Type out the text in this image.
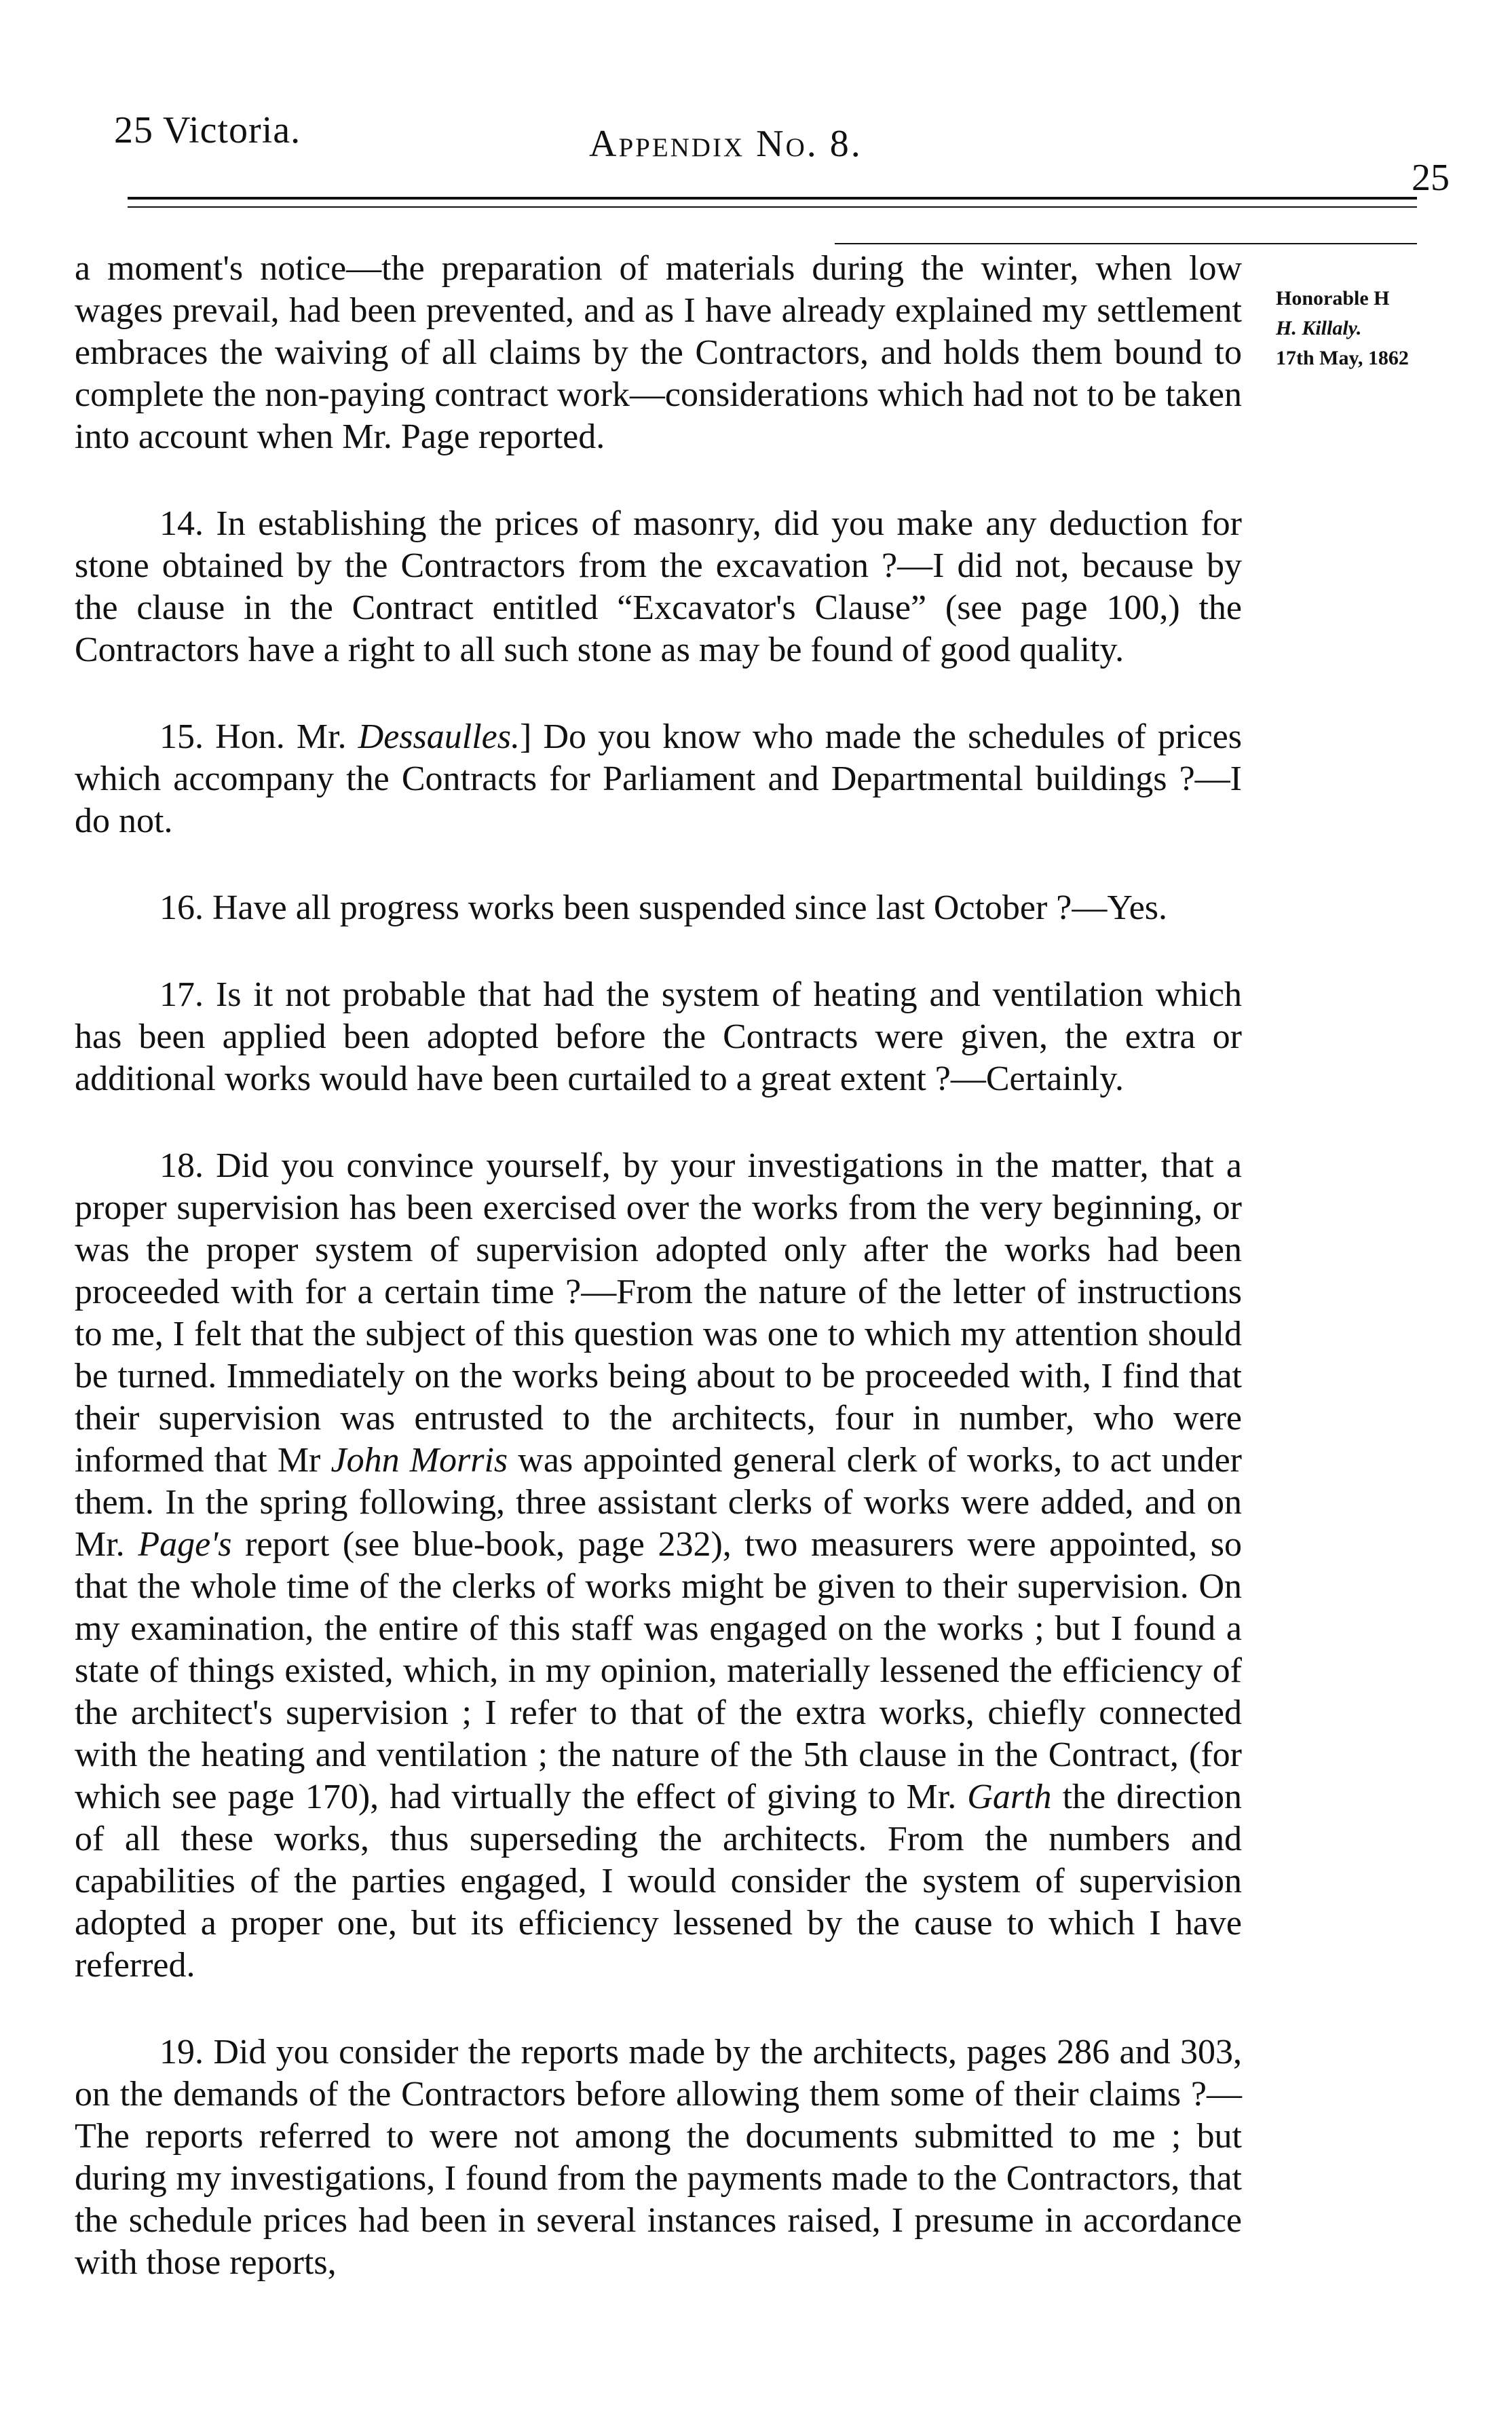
25 Victoria.	Appendix No. 8.
25
Honorable H
H. Killaly.
17th May, 1862

a moment's notice—the preparation of materials during the winter, when low wages prevail, had been prevented, and as I have already explained my settlement embraces the waiving of all claims by the Contractors, and holds them bound to complete the non-paying contract work—considerations which had not to be taken into account when Mr. Page reported.

14. In establishing the prices of masonry, did you make any deduction for stone obtained by the Contractors from the excavation ?—I did not, because by the clause in the Contract entitled “Excavator's Clause” (see page 100,) the Contractors have a right to all such stone as may be found of good quality.

15. Hon. Mr. Dessaulles.] Do you know who made the schedules of prices which accompany the Contracts for Parliament and Departmental buildings ?—I do not.

16. Have all progress works been suspended since last October ?—Yes.

17. Is it not probable that had the system of heating and ventilation which has been applied been adopted before the Contracts were given, the extra or additional works would have been curtailed to a great extent ?—Certainly.

18. Did you convince yourself, by your investigations in the matter, that a proper supervision has been exercised over the works from the very beginning, or was the proper system of supervision adopted only after the works had been proceeded with for a certain time ?—From the nature of the letter of instructions to me, I felt that the subject of this question was one to which my attention should be turned. Immediately on the works being about to be proceeded with, I find that their supervision was entrusted to the architects, four in number, who were informed that Mr John Morris was appointed general clerk of works, to act under them. In the spring following, three assistant clerks of works were added, and on Mr. Page's report (see blue-book, page 232), two measurers were appointed, so that the whole time of the clerks of works might be given to their supervision. On my examination, the entire of this staff was engaged on the works ; but I found a state of things existed, which, in my opinion, materially lessened the efficiency of the architect's supervision ; I refer to that of the extra works, chiefly connected with the heating and ventilation ; the nature of the 5th clause in the Contract, (for which see page 170), had virtually the effect of giving to Mr. Garth the direction of all these works, thus superseding the architects. From the numbers and capabilities of the parties engaged, I would consider the system of supervision adopted a proper one, but its efficiency lessened by the cause to which I have referred.

19. Did you consider the reports made by the architects, pages 286 and 303, on the demands of the Contractors before allowing them some of their claims ?—The reports referred to were not among the documents submitted to me ; but during my investigations, I found from the payments made to the Contractors, that the schedule prices had been in several instances raised, I presume in accordance with those reports,
